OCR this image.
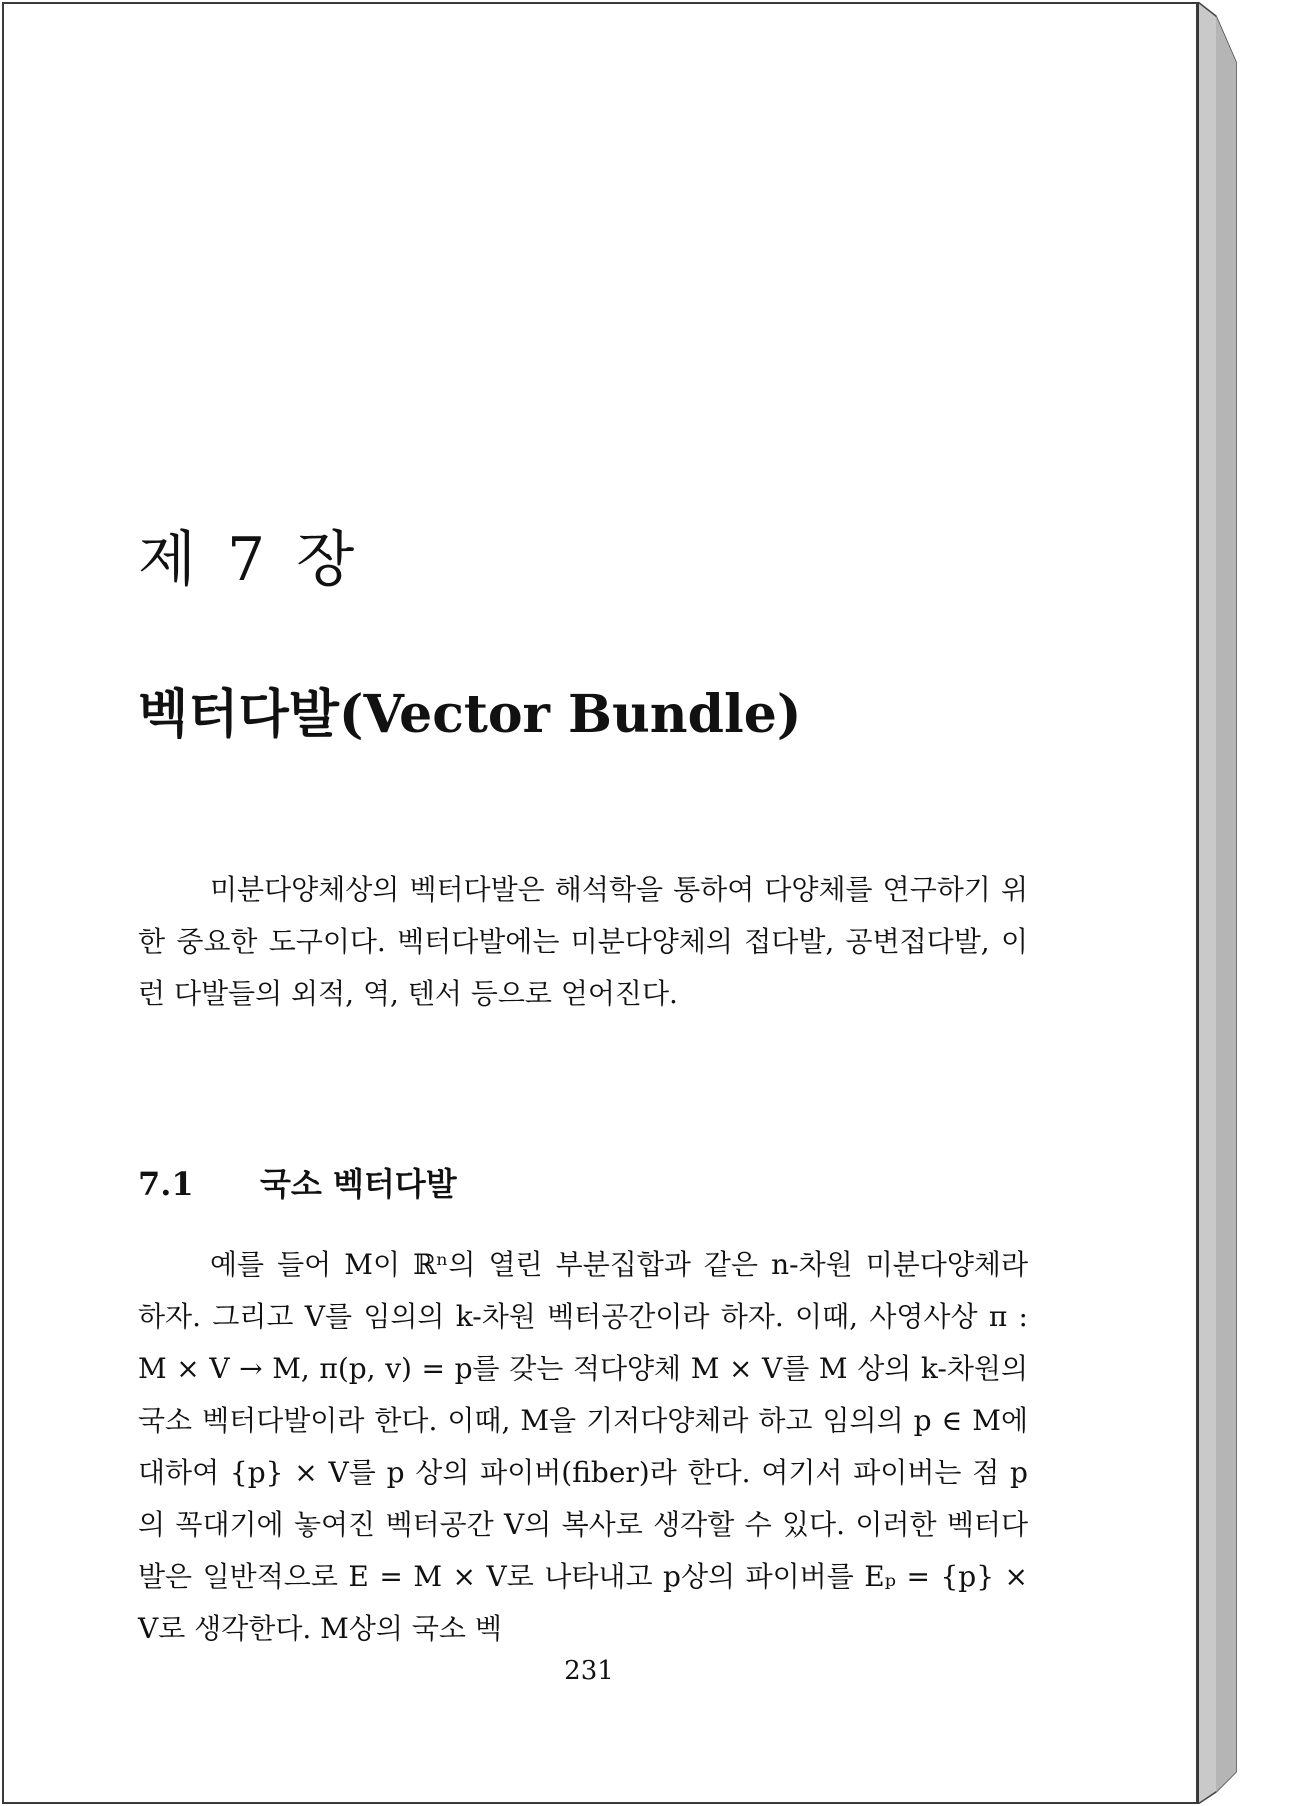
제 7 장
벡터다발(Vector Bundle)

미분다양체상의 벡터다발은 해석학을 통하여 다양체를 연구하기 위한 중요한 도구이다. 벡터다발에는 미분다양체의 접다발, 공변접다발, 이런 다발들의 외적, 역, 텐서 등으로 얻어진다.

7.1 국소 벡터다발

예를 들어 M이 ℝⁿ의 열린 부분집합과 같은 n-차원 미분다양체라 하자. 그리고 V를 임의의 k-차원 벡터공간이라 하자. 이때, 사영사상 π : M × V → M, π(p, v) = p를 갖는 적다양체 M × V를 M 상의 k-차원의 국소 벡터다발이라 한다. 이때, M을 기저다양체라 하고 임의의 p ∈ M에 대하여 {p} × V를 p 상의 파이버(fiber)라 한다. 여기서 파이버는 점 p의 꼭대기에 놓여진 벡터공간 V의 복사로 생각할 수 있다. 이러한 벡터다발은 일반적으로 E = M × V로 나타내고 p상의 파이버를 Eₚ = {p} × V로 생각한다. M상의 국소 벡

231
